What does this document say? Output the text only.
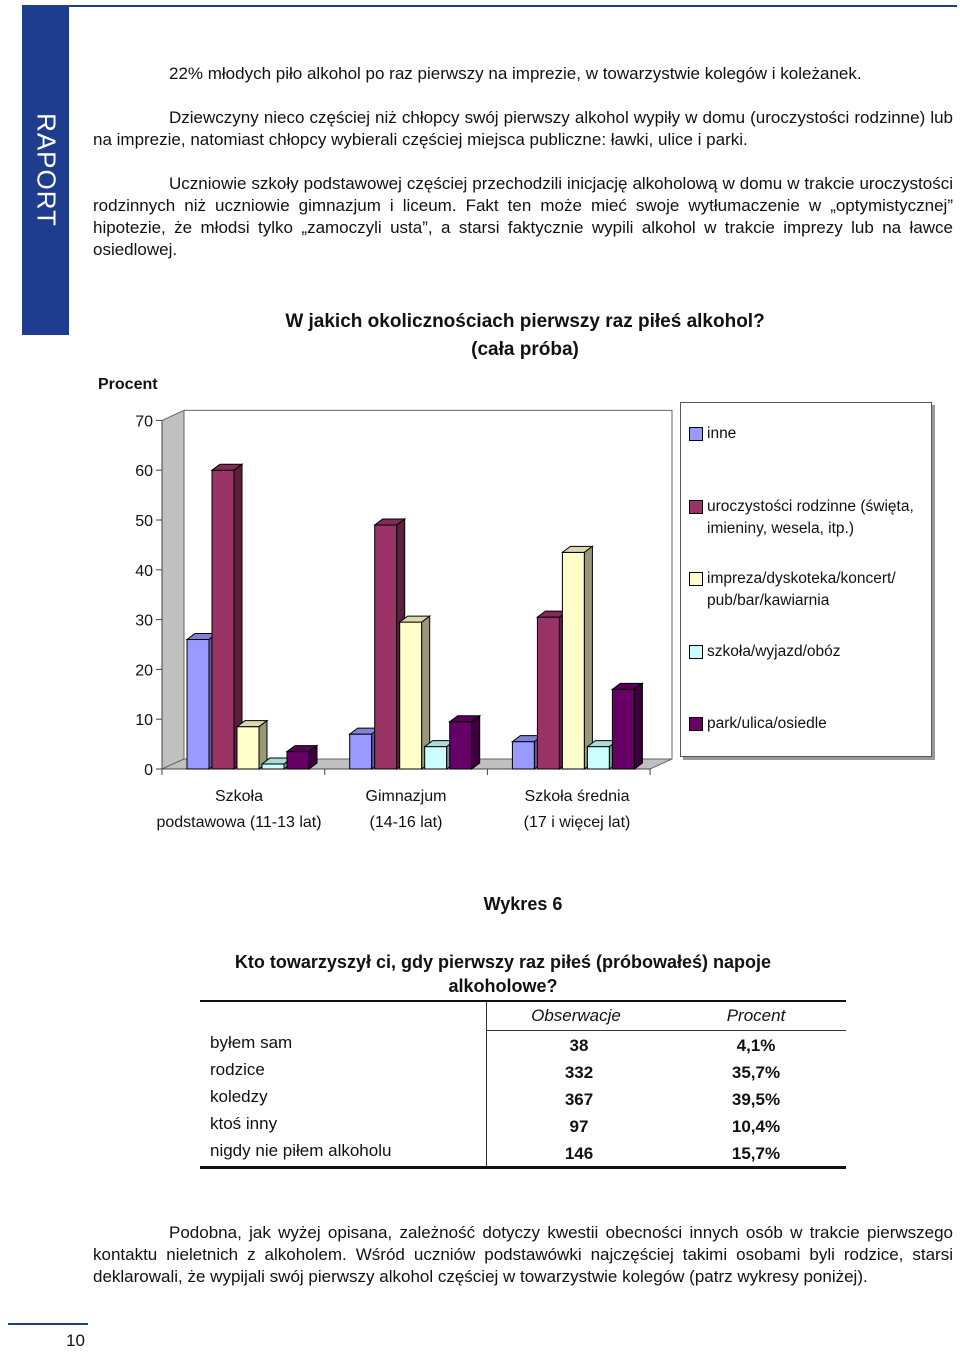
RAPORT

22% młodych piło alkohol po raz pierwszy na imprezie, w towarzystwie kolegów i koleżanek.

Dziewczyny nieco częściej niż chłopcy swój pierwszy alkohol wypiły w domu (uroczystości rodzinne) lub na imprezie, natomiast chłopcy wybierali częściej miejsca publiczne: ławki, ulice i parki.

Uczniowie szkoły podstawowej częściej przechodzili inicjację alkoholową w domu w trakcie uroczystości rodzinnych niż uczniowie gimnazjum i liceum. Fakt ten może mieć swoje wytłumaczenie w „optymistycznej” hipotezie, że młodsi tylko „zamoczyli usta”, a starsi faktycznie wypili alkohol w trakcie imprezy lub na ławce osiedlowej.

W jakich okolicznościach pierwszy raz piłeś alkohol?
(cała próba)
Procent
0
10
20
30
40
50
60
70
inne
uroczystości rodzinne (święta, imieniny, wesela, itp.)
impreza/dyskoteka/koncert/ pub/bar/kawiarnia
szkoła/wyjazd/obóz
park/ulica/osiedle
Szkoła
podstawowa (11-13 lat)
Gimnazjum
(14-16 lat)
Szkoła średnia
(17 i więcej lat)
Wykres 6
Kto towarzyszył ci, gdy pierwszy raz piłeś (próbowałeś) napoje alkoholowe?
Obserwacje	Procent
byłem sam	38	4,1%
rodzice	332	35,7%
koledzy	367	39,5%
ktoś inny	97	10,4%
nigdy nie piłem alkoholu	146	15,7%

Podobna, jak wyżej opisana, zależność dotyczy kwestii obecności innych osób w trakcie pierwszego kontaktu nieletnich z alkoholem. Wśród uczniów podstawówki najczęściej takimi osobami byli rodzice, starsi deklarowali, że wypijali swój pierwszy alkohol częściej w towarzystwie kolegów (patrz wykresy poniżej).

10
